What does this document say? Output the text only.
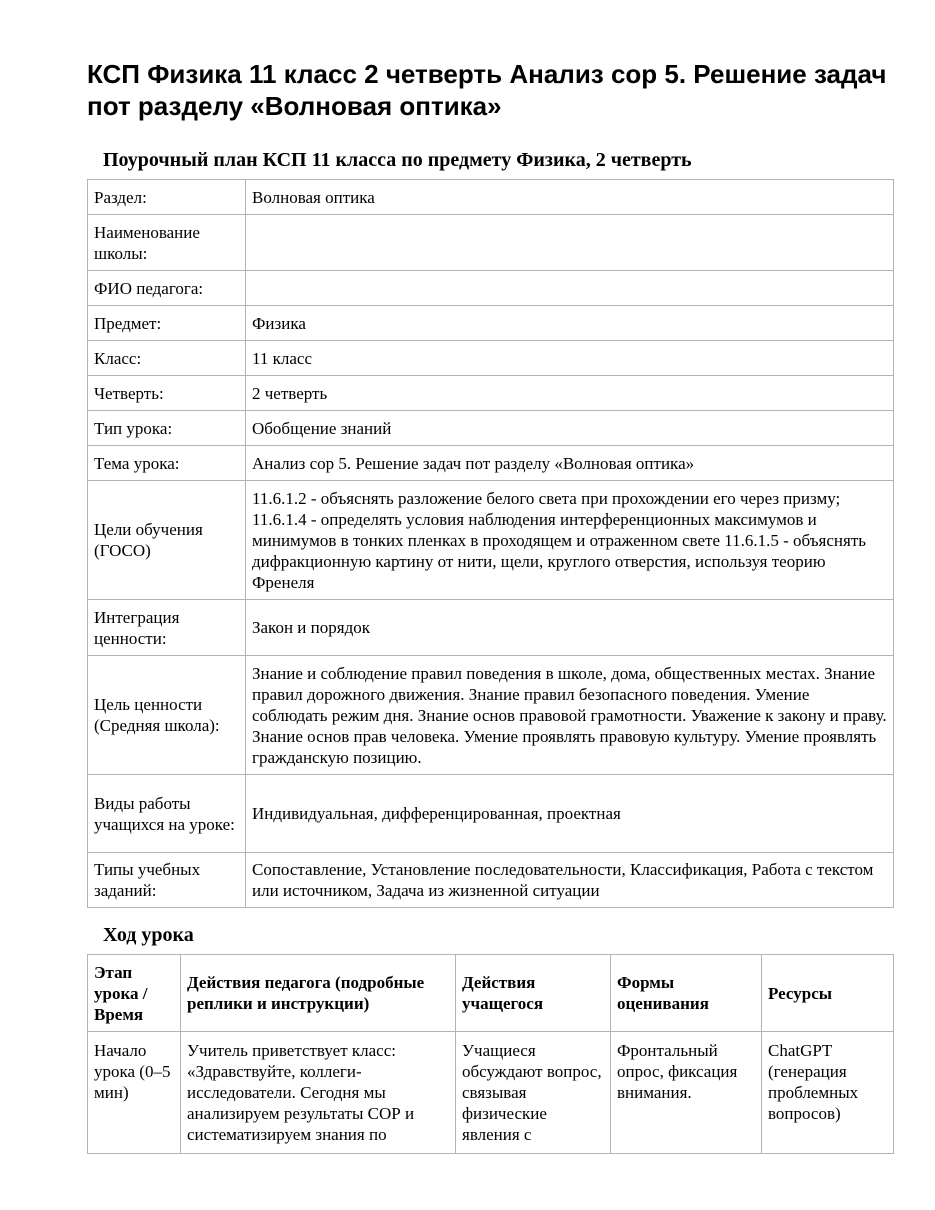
КСП Физика 11 класс 2 четверть Анализ сор 5. Решение задач пот разделу «Волновая оптика»
Поурочный план КСП 11 класса по предмету Физика, 2 четверть
Раздел:	Волновая оптика
Наименование школы:	
ФИО педагога:	
Предмет:	Физика
Класс:	11 класс
Четверть:	2 четверть
Тип урока:	Обобщение знаний
Тема урока:	Анализ сор 5. Решение задач пот разделу «Волновая оптика»
Цели обучения (ГОСО)	11.6.1.2 - объяснять разложение белого света при прохождении его через призму; 11.6.1.4 - определять условия наблюдения интерференционных максимумов и минимумов в тонких пленках в проходящем и отраженном свете 11.6.1.5 - объяснять дифракционную картину от нити, щели, круглого отверстия, используя теорию Френеля
Интеграция ценности:	Закон и порядок
Цель ценности (Средняя школа):	Знание и соблюдение правил поведения в школе, дома, общественных местах. Знание правил дорожного движения. Знание правил безопасного поведения. Умение соблюдать режим дня. Знание основ правовой грамотности. Уважение к закону и праву. Знание основ прав человека. Умение проявлять правовую культуру. Умение проявлять гражданскую позицию.
Виды работы учащихся на уроке:	Индивидуальная, дифференцированная, проектная
Типы учебных заданий:	Сопоставление, Установление последовательности, Классификация, Работа с текстом или источником, Задача из жизненной ситуации
Ход урока
Этап урока / Время	Действия педагога (подробные реплики и инструкции)	Действия учащегося	Формы оценивания	Ресурсы
Начало урока (0–5 мин)	Учитель приветствует класс: «Здравствуйте, коллеги-исследователи. Сегодня мы анализируем результаты СОР и систематизируем знания по	Учащиеся обсуждают вопрос, связывая физические явления с	Фронтальный опрос, фиксация внимания.	ChatGPT (генерация проблемных вопросов)
